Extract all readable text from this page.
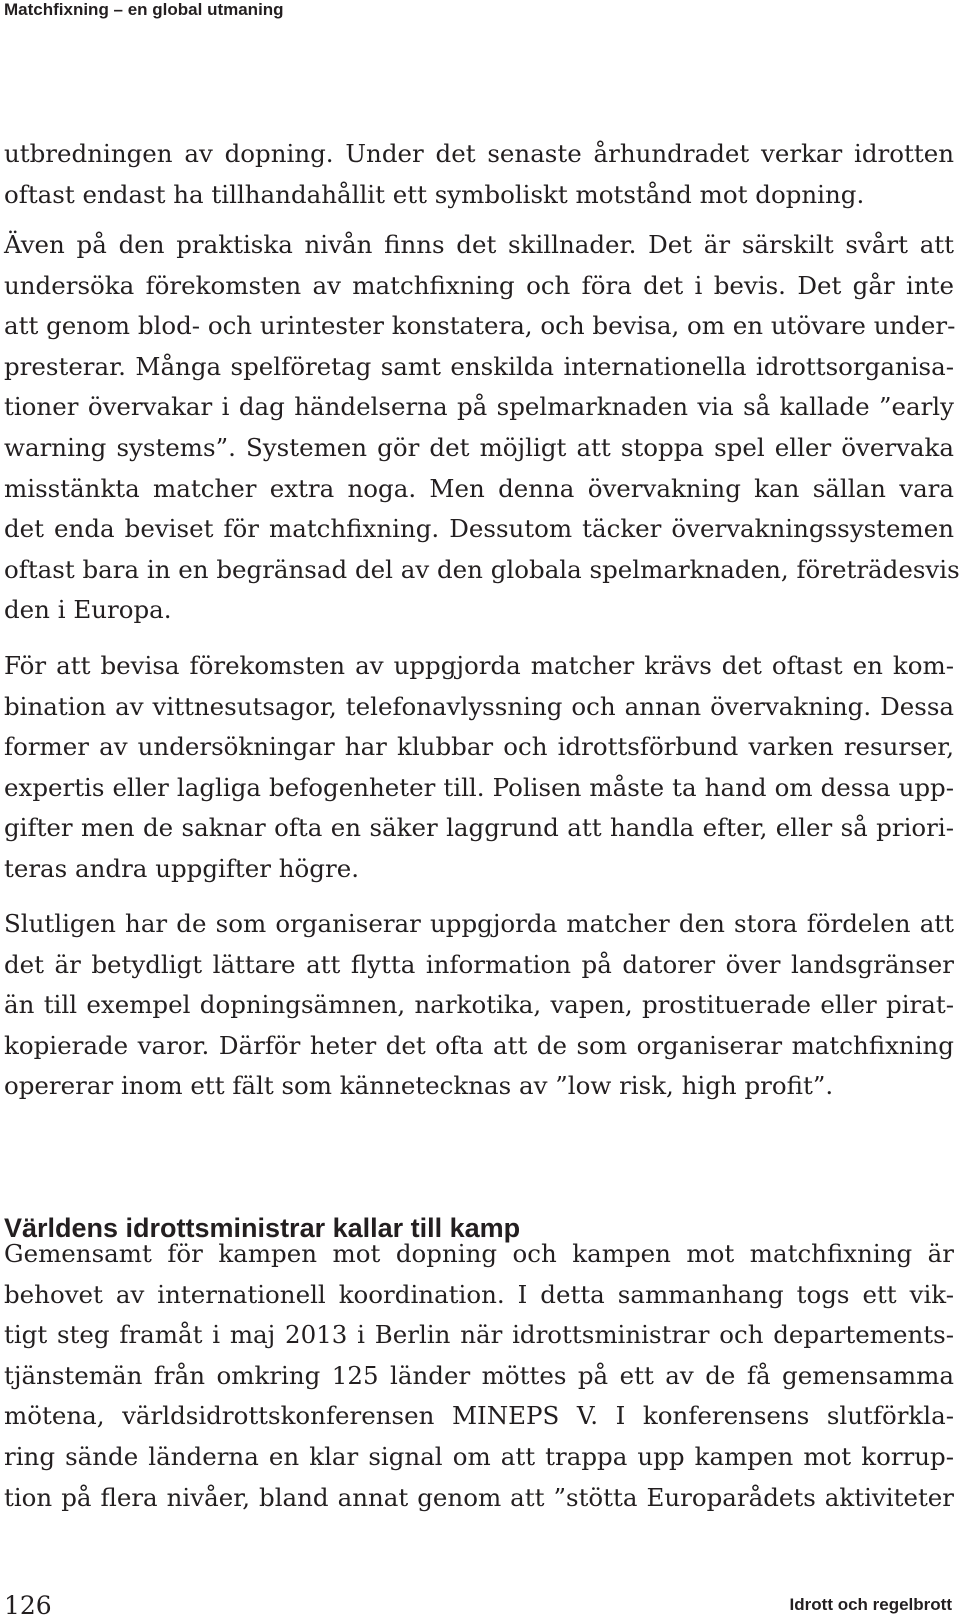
Matchfixning – en global utmaning
utbredningen av dopning. Under det senaste århundradet verkar idrotten
oftast endast ha tillhandahållit ett symboliskt motstånd mot dopning.
Även på den praktiska nivån finns det skillnader. Det är särskilt svårt att
undersöka förekomsten av matchfixning och föra det i bevis. Det går inte
att genom blod- och urintester konstatera, och bevisa, om en utövare under-
presterar. Många spelföretag samt enskilda internationella idrottsorganisa-
tioner övervakar i dag händelserna på spelmarknaden via så kallade ”early
warning systems”. Systemen gör det möjligt att stoppa spel eller övervaka
misstänkta matcher extra noga. Men denna övervakning kan sällan vara
det enda beviset för matchfixning. Dessutom täcker övervakningssystemen
oftast bara in en begränsad del av den globala spelmarknaden, företrädesvis
den i Europa.
För att bevisa förekomsten av uppgjorda matcher krävs det oftast en kom-
bination av vittnesutsagor, telefonavlyssning och annan övervakning. Dessa
former av undersökningar har klubbar och idrottsförbund varken resurser,
expertis eller lagliga befogenheter till. Polisen måste ta hand om dessa upp-
gifter men de saknar ofta en säker laggrund att handla efter, eller så priori-
teras andra uppgifter högre.
Slutligen har de som organiserar uppgjorda matcher den stora fördelen att
det är betydligt lättare att flytta information på datorer över landsgränser
än till exempel dopningsämnen, narkotika, vapen, prostituerade eller pirat-
kopierade varor. Därför heter det ofta att de som organiserar matchfixning
opererar inom ett fält som kännetecknas av ”low risk, high profit”.
Världens idrottsministrar kallar till kamp
Gemensamt för kampen mot dopning och kampen mot matchfixning är
behovet av internationell koordination. I detta sammanhang togs ett vik-
tigt steg framåt i maj 2013 i Berlin när idrottsministrar och departements-
tjänstemän från omkring 125 länder möttes på ett av de få gemensamma
mötena, världsidrottskonferensen MINEPS V. I konferensens slutförkla-
ring sände länderna en klar signal om att trappa upp kampen mot korrup-
tion på flera nivåer, bland annat genom att ”stötta Europarådets aktiviteter
126	Idrott och regelbrott
